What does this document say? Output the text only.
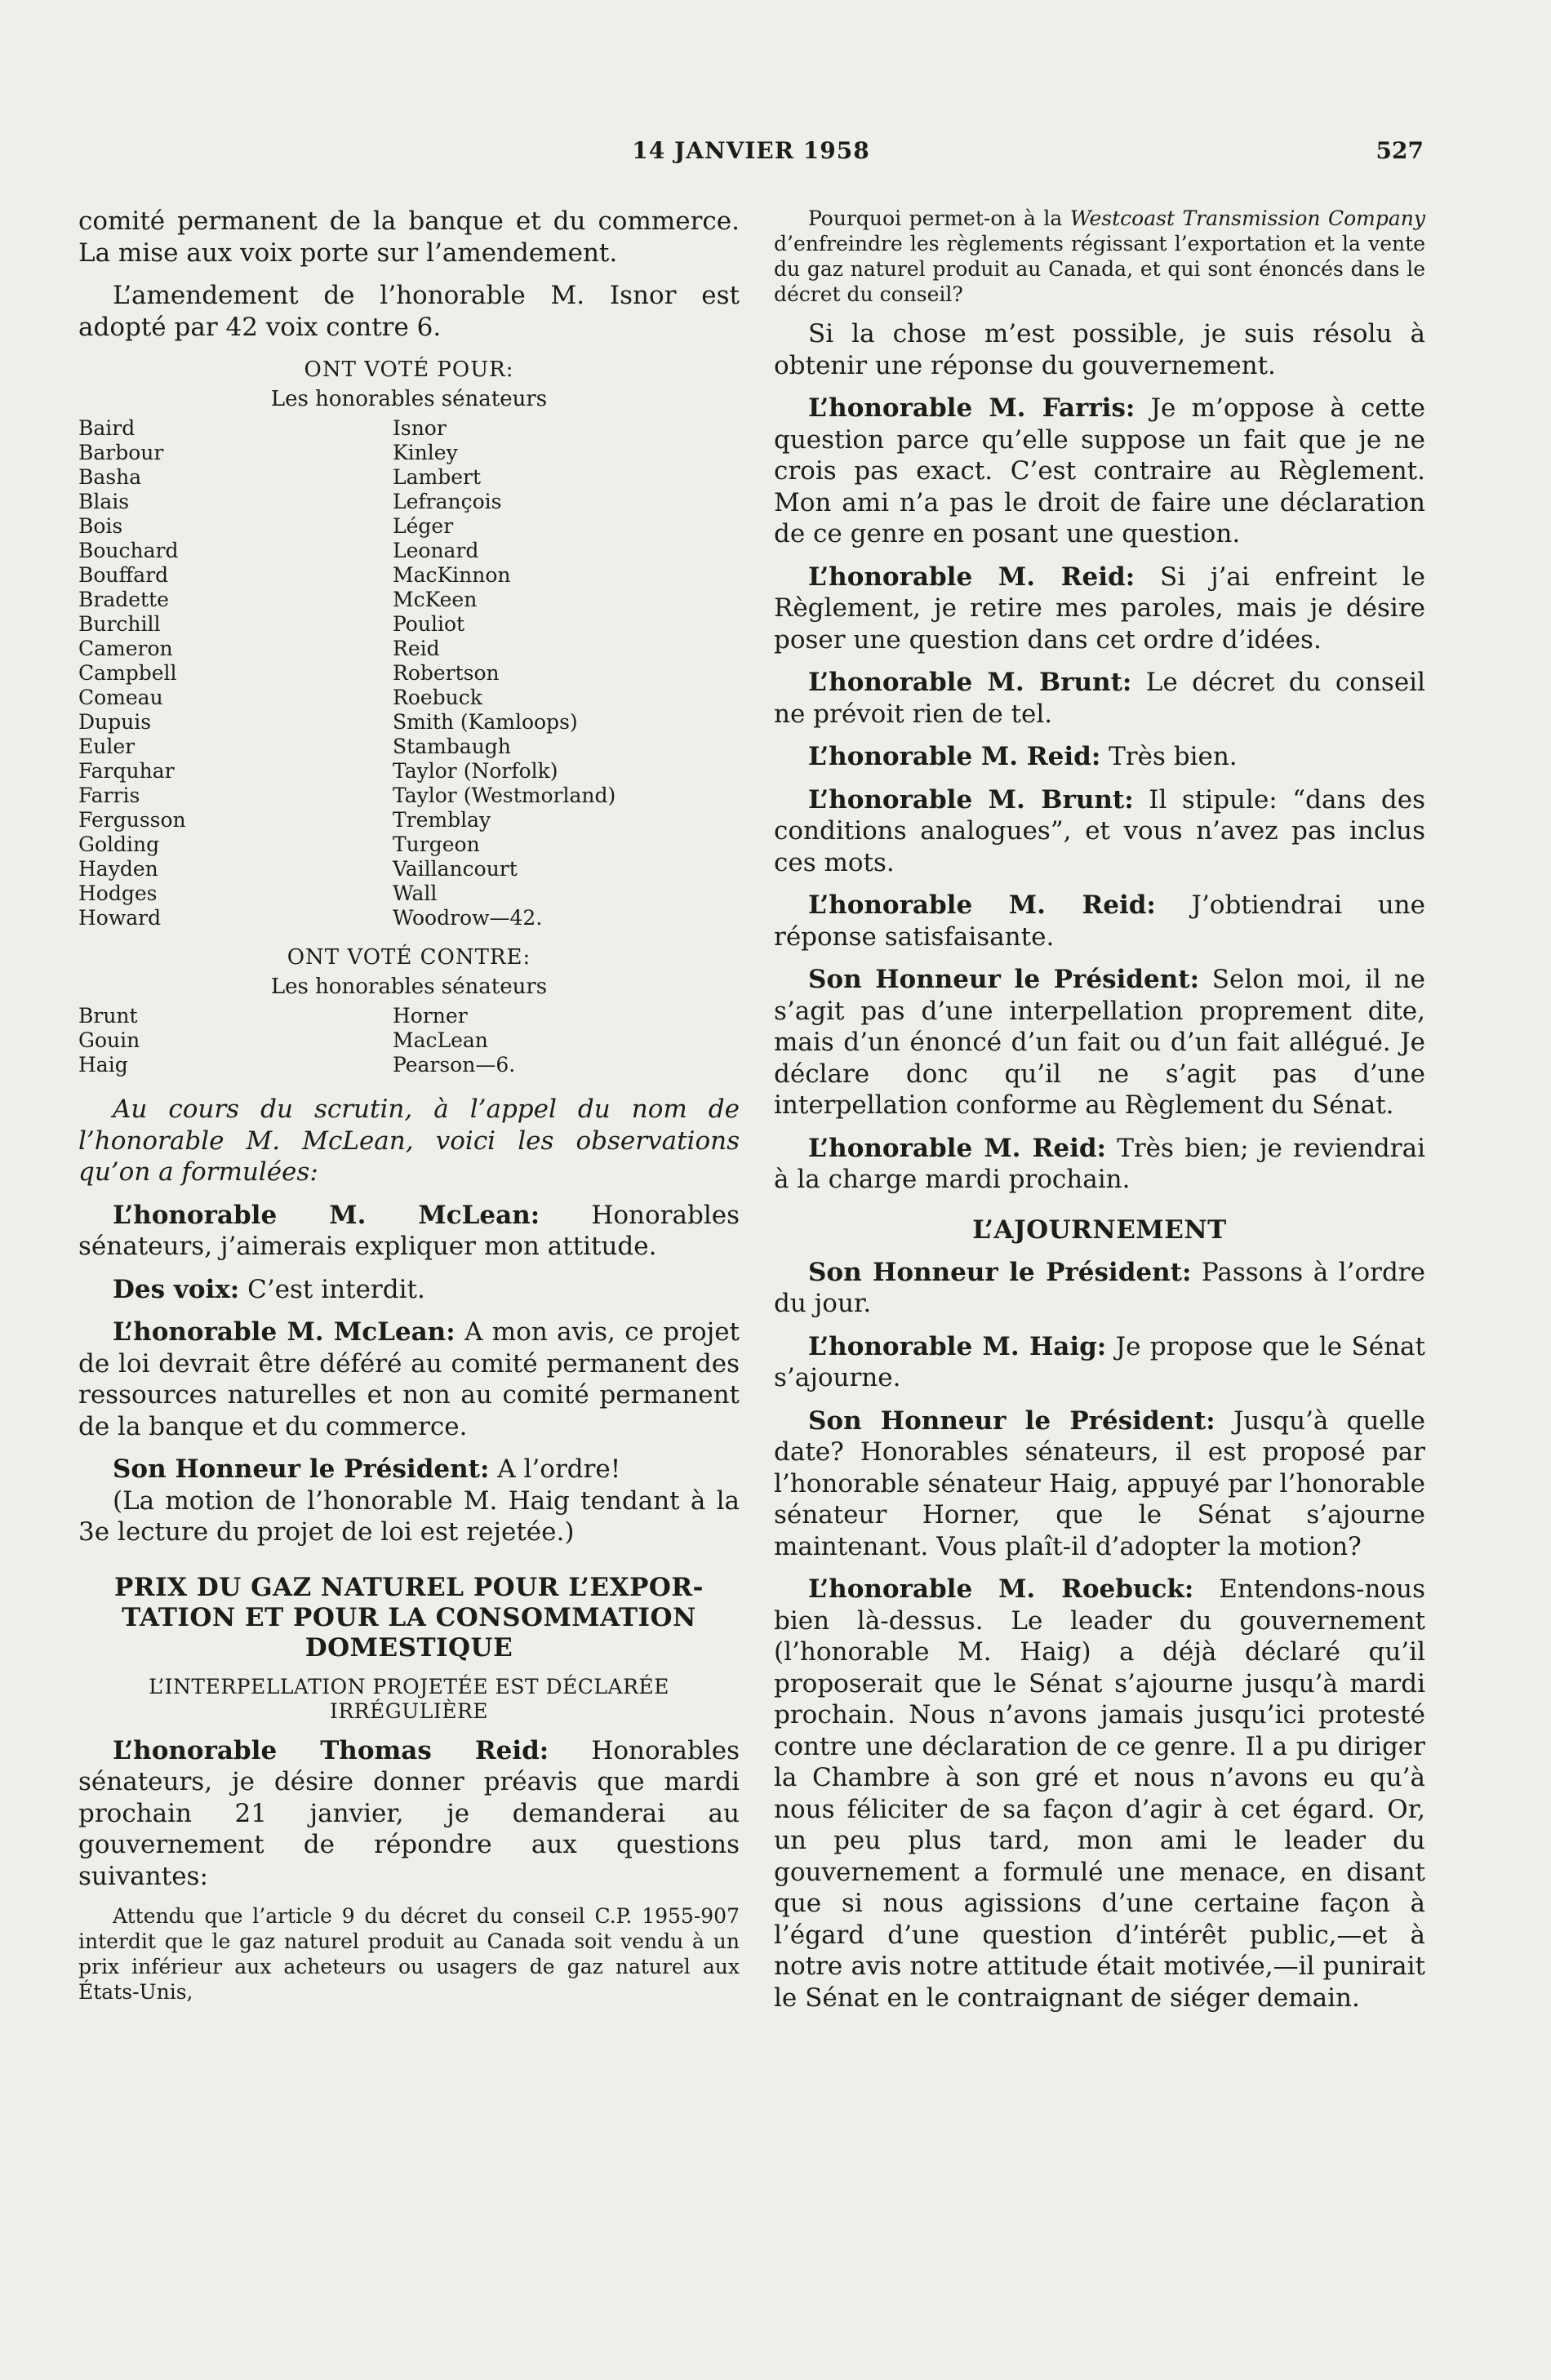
14 JANVIER 1958	527

comité permanent de la banque et du commerce. La mise aux voix porte sur l’amendement.

L’amendement de l’honorable M. Isnor est adopté par 42 voix contre 6.

ONT VOTÉ POUR:
Les honorables sénateurs
Baird
Barbour
Basha
Blais
Bois
Bouchard
Bouffard
Bradette
Burchill
Cameron
Campbell
Comeau
Dupuis
Euler
Farquhar
Farris
Fergusson
Golding
Hayden
Hodges
Howard
Isnor
Kinley
Lambert
Lefrançois
Léger
Leonard
MacKinnon
McKeen
Pouliot
Reid
Robertson
Roebuck
Smith (Kamloops)
Stambaugh
Taylor (Norfolk)
Taylor (Westmorland)
Tremblay
Turgeon
Vaillancourt
Wall
Woodrow—42.
ONT VOTÉ CONTRE:
Les honorables sénateurs
Brunt
Gouin
Haig
Horner
MacLean
Pearson—6.

Au cours du scrutin, à l’appel du nom de l’honorable M. McLean, voici les observations qu’on a formulées:

L’honorable M. McLean: Honorables sénateurs, j’aimerais expliquer mon attitude.

Des voix: C’est interdit.

L’honorable M. McLean: A mon avis, ce projet de loi devrait être déféré au comité permanent des ressources naturelles et non au comité permanent de la banque et du commerce.

Son Honneur le Président: A l’ordre!

(La motion de l’honorable M. Haig tendant à la 3e lecture du projet de loi est rejetée.)

PRIX DU GAZ NATUREL POUR L’EXPOR-
TATION ET POUR LA CONSOMMATION
DOMESTIQUE
L’INTERPELLATION PROJETÉE EST DÉCLARÉE
IRRÉGULIÈRE

L’honorable Thomas Reid: Honorables sénateurs, je désire donner préavis que mardi prochain 21 janvier, je demanderai au gouvernement de répondre aux questions suivantes:

Attendu que l’article 9 du décret du conseil C.P. 1955-907 interdit que le gaz naturel produit au Canada soit vendu à un prix inférieur aux acheteurs ou usagers de gaz naturel aux États-Unis,

Pourquoi permet-on à la Westcoast Transmission Company d’enfreindre les règlements régissant l’exportation et la vente du gaz naturel produit au Canada, et qui sont énoncés dans le décret du conseil?

Si la chose m’est possible, je suis résolu à obtenir une réponse du gouvernement.

L’honorable M. Farris: Je m’oppose à cette question parce qu’elle suppose un fait que je ne crois pas exact. C’est contraire au Règlement. Mon ami n’a pas le droit de faire une déclaration de ce genre en posant une question.

L’honorable M. Reid: Si j’ai enfreint le Règlement, je retire mes paroles, mais je désire poser une question dans cet ordre d’idées.

L’honorable M. Brunt: Le décret du conseil ne prévoit rien de tel.

L’honorable M. Reid: Très bien.

L’honorable M. Brunt: Il stipule: “dans des conditions analogues”, et vous n’avez pas inclus ces mots.

L’honorable M. Reid: J’obtiendrai une réponse satisfaisante.

Son Honneur le Président: Selon moi, il ne s’agit pas d’une interpellation proprement dite, mais d’un énoncé d’un fait ou d’un fait allégué. Je déclare donc qu’il ne s’agit pas d’une interpellation conforme au Règlement du Sénat.

L’honorable M. Reid: Très bien; je reviendrai à la charge mardi prochain.

L’AJOURNEMENT

Son Honneur le Président: Passons à l’ordre du jour.

L’honorable M. Haig: Je propose que le Sénat s’ajourne.

Son Honneur le Président: Jusqu’à quelle date? Honorables sénateurs, il est proposé par l’honorable sénateur Haig, appuyé par l’honorable sénateur Horner, que le Sénat s’ajourne maintenant. Vous plaît-il d’adopter la motion?

L’honorable M. Roebuck: Entendons-nous bien là-dessus. Le leader du gouvernement (l’honorable M. Haig) a déjà déclaré qu’il proposerait que le Sénat s’ajourne jusqu’à mardi prochain. Nous n’avons jamais jusqu’ici protesté contre une déclaration de ce genre. Il a pu diriger la Chambre à son gré et nous n’avons eu qu’à nous féliciter de sa façon d’agir à cet égard. Or, un peu plus tard, mon ami le leader du gouvernement a formulé une menace, en disant que si nous agissions d’une certaine façon à l’égard d’une question d’intérêt public,—et à notre avis notre attitude était motivée,—il punirait le Sénat en le contraignant de siéger demain.
